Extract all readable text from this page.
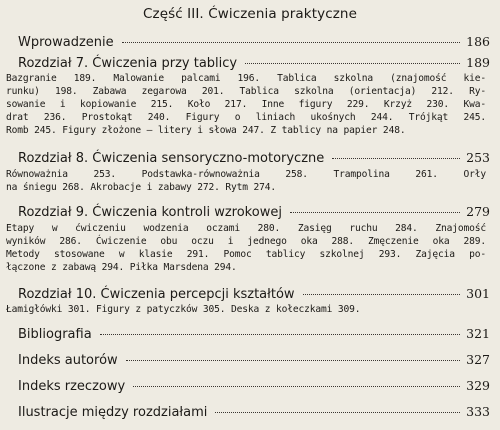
Część III. Ćwiczenia praktyczne
Wprowadzenie	186
Rozdział 7. Ćwiczenia przy tablicy	189
Bazgranie 189. Malowanie palcami 196. Tablica szkolna (znajomość kie-
runku) 198. Zabawa zegarowa 201. Tablica szkolna (orientacja) 212. Ry-
sowanie i kopiowanie 215. Koło 217. Inne figury 229. Krzyż 230. Kwa-
drat 236. Prostokąt 240. Figury o liniach ukośnych 244. Trójkąt 245.
Romb 245. Figury złożone — litery i słowa 247. Z tablicy na papier 248.
Rozdział 8. Ćwiczenia sensoryczno-motoryczne	253
Równoważnia 253. Podstawka-równoważnia 258. Trampolina 261. Orły
na śniegu 268. Akrobacje i zabawy 272. Rytm 274.
Rozdział 9. Ćwiczenia kontroli wzrokowej	279
Etapy w ćwiczeniu wodzenia oczami 280. Zasięg ruchu 284. Znajomość
wyników 286. Ćwiczenie obu oczu i jednego oka 288. Zmęczenie oka 289.
Metody stosowane w klasie 291. Pomoc tablicy szkolnej 293. Zajęcia po-
łączone z zabawą 294. Piłka Marsdena 294.
Rozdział 10. Ćwiczenia percepcji kształtów	301
Łamigłówki 301. Figury z patyczków 305. Deska z kołeczkami 309.
Bibliografia	321
Indeks autorów	327
Indeks rzeczowy	329
Ilustracje między rozdziałami	333
